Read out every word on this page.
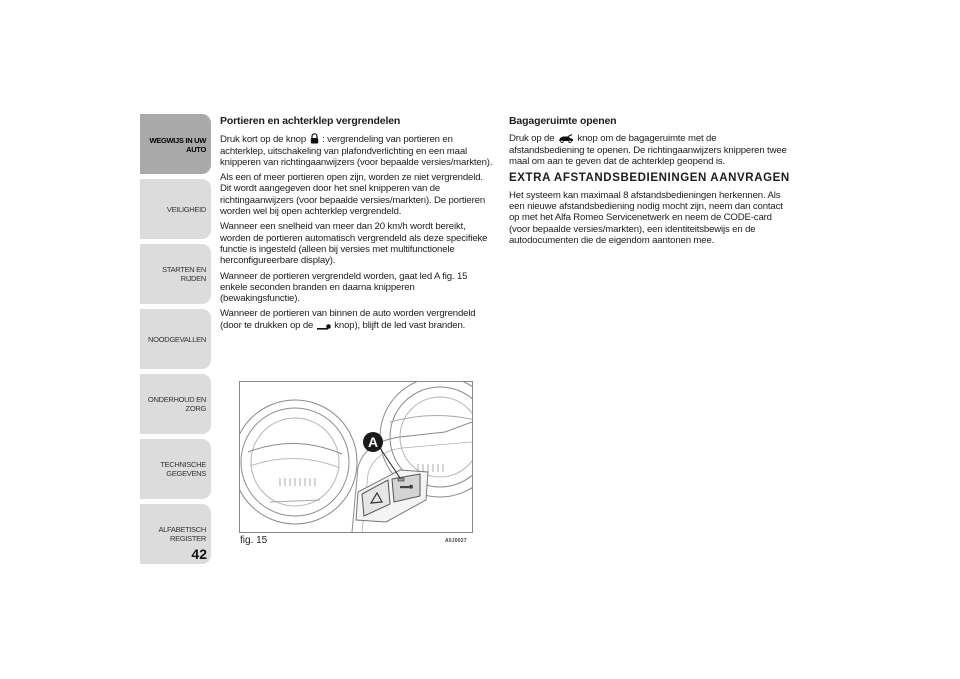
WEGWIJS IN UW AUTO
VEILIGHEID
STARTEN EN RIJDEN
NOODGEVALLEN
ONDERHOUD EN ZORG
TECHNISCHE GEGEVENS
ALFABETISCH REGISTER
42
Portieren en achterklep vergrendelen

Druk kort op de knop : vergrendeling van portieren en achterklep, uitschakeling van plafondverlichting en een maal knipperen van richtingaanwijzers (voor bepaalde versies/markten).

Als een of meer portieren open zijn, worden ze niet vergrendeld. Dit wordt aangegeven door het snel knipperen van de richtingaanwijzers (voor bepaalde versies/markten). De portieren worden wel bij open achterklep vergrendeld.

Wanneer een snelheid van meer dan 20 km/h wordt bereikt, worden de portieren automatisch vergrendeld als deze specifieke functie is ingesteld (alleen bij versies met multifunctionele herconfigureerbare display).

Wanneer de portieren vergrendeld worden, gaat led A fig. 15 enkele seconden branden en daarna knipperen (bewakingsfunctie).

Wanneer de portieren van binnen de auto worden vergrendeld (door te drukken op de knop), blijft de led vast branden.

Bagageruimte openen

Druk op de knop om de bagageruimte met de afstandsbediening te openen. De richtingaanwijzers knipperen twee maal om aan te geven dat de achterklep geopend is.

EXTRA AFSTANDSBEDIENINGEN AANVRAGEN

Het systeem kan maximaal 8 afstandsbedieningen herkennen. Als een nieuwe afstandsbediening nodig mocht zijn, neem dan contact op met het Alfa Romeo Servicenetwerk en neem de CODE-card (voor bepaalde versies/markten), een identiteitsbewijs en de autodocumenten die de eigendom aantonen mee.

A
fig. 15	A0J0027
